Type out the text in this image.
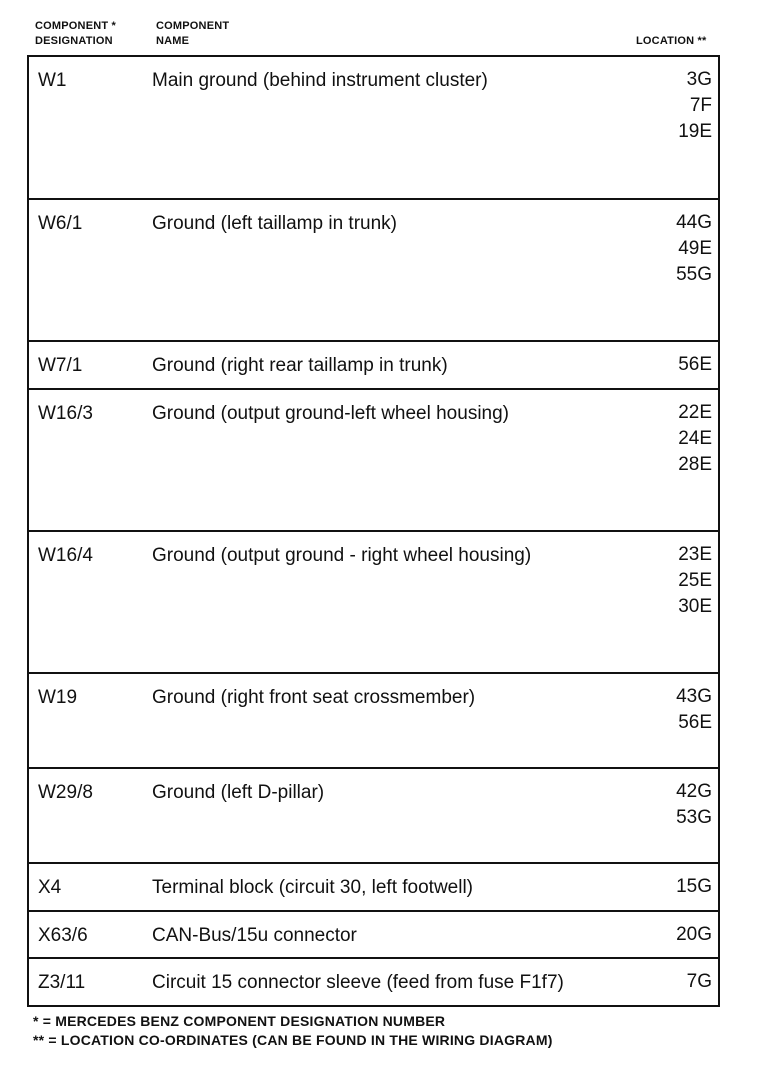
COMPONENT *
DESIGNATION
COMPONENT
NAME	LOCATION **
W1	Main ground (behind instrument cluster)	3G
7F
19E
W6/1	Ground (left taillamp in trunk)	44G
49E
55G
W7/1	Ground (right rear taillamp in trunk)	56E
W16/3	Ground (output ground-left wheel housing)	22E
24E
28E
W16/4	Ground (output ground - right wheel housing)	23E
25E
30E
W19	Ground (right front seat crossmember)	43G
56E
W29/8	Ground (left D-pillar)	42G
53G
X4	Terminal block (circuit 30, left footwell)	15G
X63/6	CAN-Bus/15u connector	20G
Z3/11	Circuit 15 connector sleeve (feed from fuse F1f7)	7G
* = MERCEDES BENZ COMPONENT DESIGNATION NUMBER
** = LOCATION CO-ORDINATES (CAN BE FOUND IN THE WIRING DIAGRAM)
